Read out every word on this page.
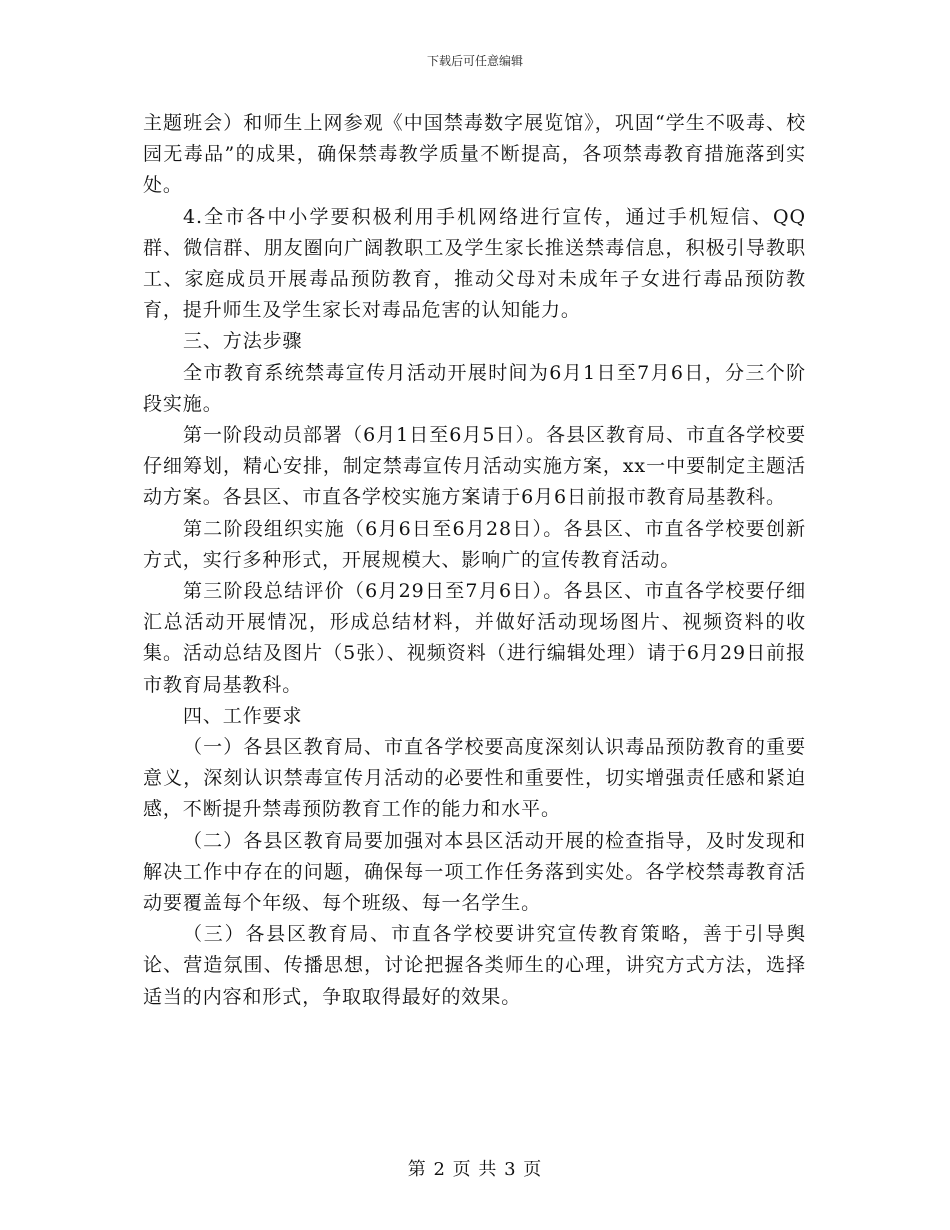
下载后可任意编辑

主题班会）和师生上网参观《中国禁毒数字展览馆》，巩固“学生不吸毒、校园无毒品”的成果，确保禁毒教学质量不断提高，各项禁毒教育措施落到实处。

4.全市各中小学要积极利用手机网络进行宣传，通过手机短信、QQ群、微信群、朋友圈向广阔教职工及学生家长推送禁毒信息，积极引导教职工、家庭成员开展毒品预防教育，推动父母对未成年子女进行毒品预防教育，提升师生及学生家长对毒品危害的认知能力。

三、方法步骤

全市教育系统禁毒宣传月活动开展时间为6月1日至7月6日，分三个阶段实施。

第一阶段动员部署（6月1日至6月5日）。各县区教育局、市直各学校要仔细筹划，精心安排，制定禁毒宣传月活动实施方案，xx一中要制定主题活动方案。各县区、市直各学校实施方案请于6月6日前报市教育局基教科。

第二阶段组织实施（6月6日至6月28日）。各县区、市直各学校要创新方式，实行多种形式，开展规模大、影响广的宣传教育活动。

第三阶段总结评价（6月29日至7月6日）。各县区、市直各学校要仔细汇总活动开展情况，形成总结材料，并做好活动现场图片、视频资料的收集。活动总结及图片（5张）、视频资料（进行编辑处理）请于6月29日前报市教育局基教科。

四、工作要求

（一）各县区教育局、市直各学校要高度深刻认识毒品预防教育的重要意义，深刻认识禁毒宣传月活动的必要性和重要性，切实增强责任感和紧迫感，不断提升禁毒预防教育工作的能力和水平。

（二）各县区教育局要加强对本县区活动开展的检查指导，及时发现和解决工作中存在的问题，确保每一项工作任务落到实处。各学校禁毒教育活动要覆盖每个年级、每个班级、每一名学生。

（三）各县区教育局、市直各学校要讲究宣传教育策略，善于引导舆论、营造氛围、传播思想，讨论把握各类师生的心理，讲究方式方法，选择适当的内容和形式，争取取得最好的效果。

第 2 页 共 3 页
